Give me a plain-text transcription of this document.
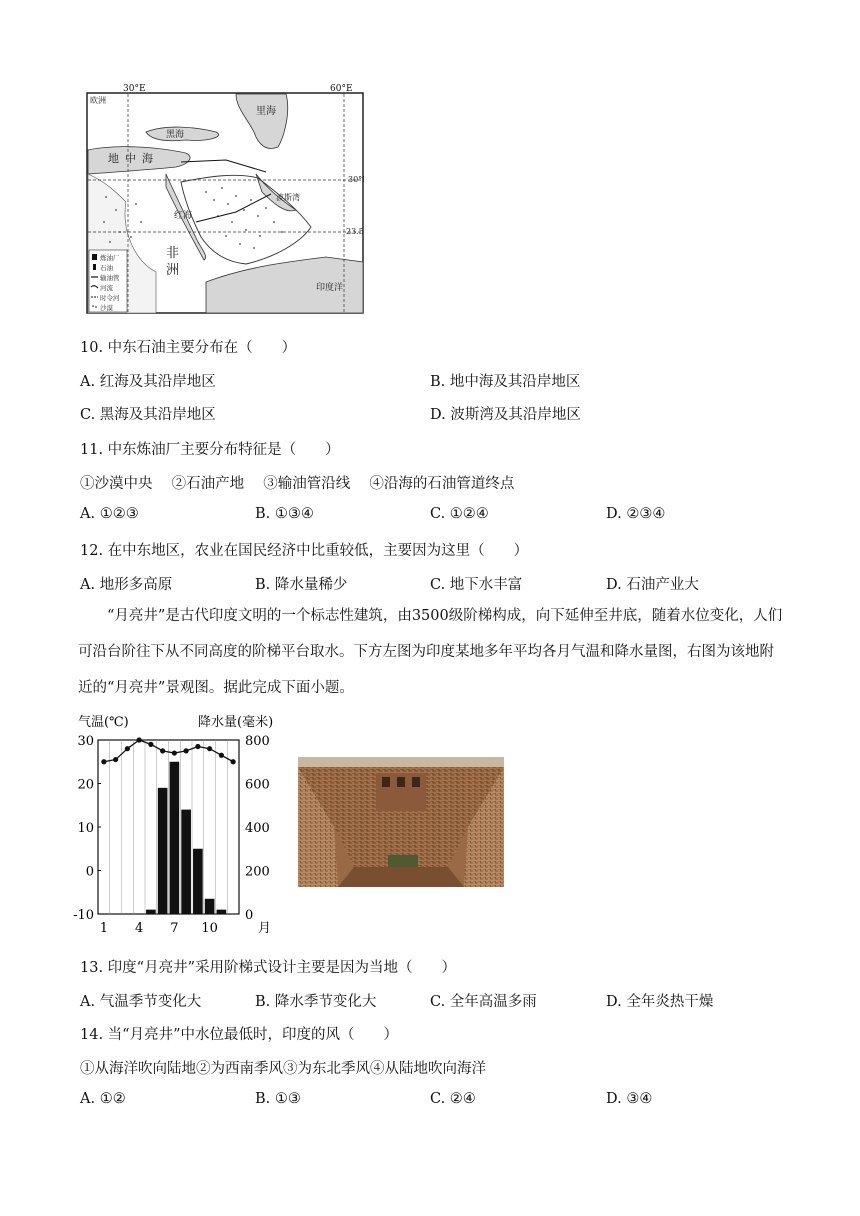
欧洲
里海
黑海
地中海
红海
波斯湾
非
洲
印度洋
30°
23.5
炼油厂
石油
输油管
河流
时令河
沙漠
60°E
30°E
10. 中东石油主要分布在（　　）
A. 红海及其沿岸地区	B. 地中海及其沿岸地区
C. 黑海及其沿岸地区	D. 波斯湾及其沿岸地区
11. 中东炼油厂主要分布特征是（　　）
①沙漠中央　 ②石油产地　 ③输油管沿线　 ④沿海的石油管道终点
A. ①②③	B. ①③④	C. ①②④	D. ②③④
12. 在中东地区，农业在国民经济中比重较低，主要因为这里（　　）
A. 地形多高原	B. 降水量稀少	C. 地下水丰富	D. 石油产业大
“月亮井”是古代印度文明的一个标志性建筑，由3500级阶梯构成，向下延伸至井底，随着水位变化，人们可沿台阶往下从不同高度的阶梯平台取水。下方左图为印度某地多年平均各月气温和降水量图，右图为该地附近的“月亮井”景观图。据此完成下面小题。
气温(℃)	降水量(毫米)
30
20
10
0
-10
800
600
400
200
0
1 4 7 10	月
13. 印度“月亮井”采用阶梯式设计主要是因为当地（　　）
A. 气温季节变化大	B. 降水季节变化大	C. 全年高温多雨	D. 全年炎热干燥
14. 当“月亮井”中水位最低时，印度的风（　　）
①从海洋吹向陆地②为西南季风③为东北季风④从陆地吹向海洋
A. ①②	B. ①③	C. ②④	D. ③④
